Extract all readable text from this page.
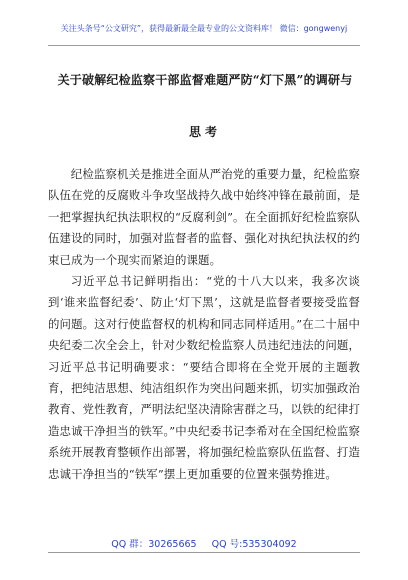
关注头条号“公文研究”，获得最新最全最专业的公文资料库！ 微信：gongwenyj
关于破解纪检监察干部监督难题严防“灯下黑”的调研与
思考

纪检监察机关是推进全面从严治党的重要力量，纪检监察队伍在党的反腐败斗争攻坚战持久战中始终冲锋在最前面，是一把掌握执纪执法职权的“反腐利剑”。在全面抓好纪检监察队伍建设的同时，加强对监督者的监督、强化对执纪执法权的约束已成为一个现实而紧迫的课题。

习近平总书记鲜明指出：“党的十八大以来，我多次谈到‘谁来监督纪委’、防止‘灯下黑’，这就是监督者要接受监督的问题。这对行使监督权的机构和同志同样适用。”在二十届中央纪委二次全会上，针对少数纪检监察人员违纪违法的问题，习近平总书记明确要求：“要结合即将在全党开展的主题教育，把纯洁思想、纯洁组织作为突出问题来抓，切实加强政治教育、党性教育，严明法纪坚决清除害群之马，以铁的纪律打造忠诚干净担当的铁军。”中央纪委书记李希对在全国纪检监察系统开展教育整顿作出部署，将加强纪检监察队伍监督、打造忠诚干净担当的“铁军”摆上更加重要的位置来强势推进。

QQ 群：30265665 QQ 号:535304092
